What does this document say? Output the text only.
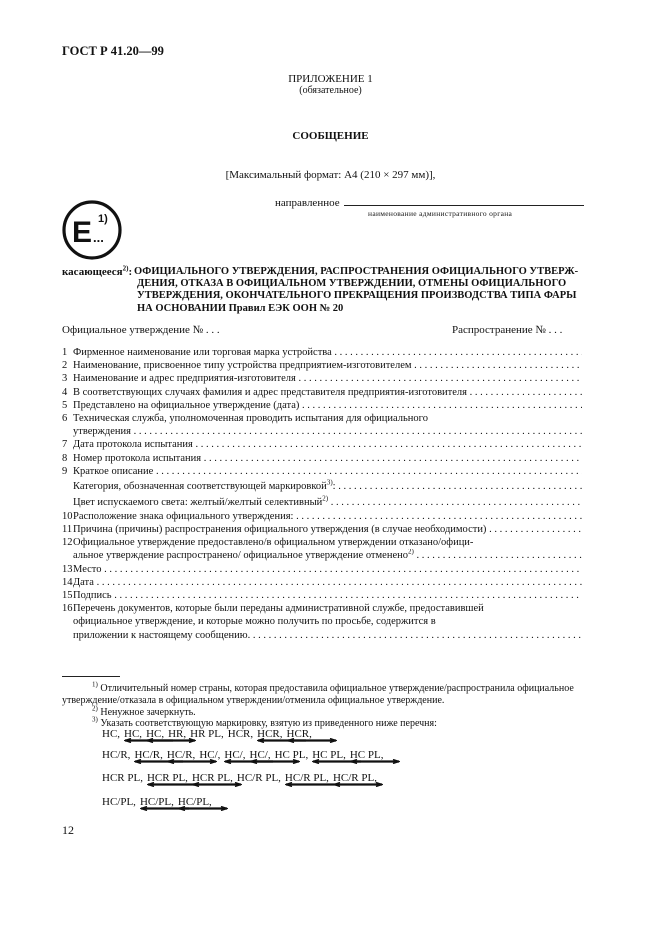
ГОСТ Р 41.20—99
ПРИЛОЖЕНИЕ 1
(обязательное)
СООБЩЕНИЕ
[Максимальный формат: А4 (210 × 297 мм)],
направленное
наименование административного органа
E ...
1)
касающееся$^{2)}$: ОФИЦИАЛЬНОГО УТВЕРЖДЕНИЯ, РАСПРОСТРАНЕНИЯ ОФИЦИАЛЬНОГО УТВЕРЖ-
ДЕНИЯ, ОТКАЗА В ОФИЦИАЛЬНОМ УТВЕРЖДЕНИИ, ОТМЕНЫ ОФИЦИАЛЬНОГО
УТВЕРЖДЕНИЯ, ОКОНЧАТЕЛЬНОГО ПРЕКРАЩЕНИЯ ПРОИЗВОДСТВА ТИПА ФАРЫ
НА ОСНОВАНИИ Правил ЕЭК ООН № 20
Официальное утверждение № . . .	Распространение № . . .
1 Фирменное наименование или торговая марка устройства . . .
2 Наименование, присвоенное типу устройства предприятием-изготовителем . . .
3 Наименование и адрес предприятия-изготовителя . . .
4 В соответствующих случаях фамилия и адрес представителя предприятия-изготовителя . . .
5 Представлено на официальное утверждение (дата) . . .
6 Техническая служба, уполномоченная проводить испытания для официального
утверждения . . .
7 Дата протокола испытания . . .
8 Номер протокола испытания . . .
9 Краткое описание . . .
Категория, обозначенная соответствующей маркировкой$^{3)}$: . . .
Цвет испускаемого света: желтый/желтый селективный$^{2)}$ . . .
10 Расположение знака официального утверждения: . . .
11 Причина (причины) распространения официального утверждения (в случае необходимости) . . .
12 Официальное утверждение предоставлено/в официальном утверждении отказано/офици-
альное утверждение распространено/ официальное утверждение отменено$^{2)}$ . . .
13 Место . . .
14 Дата . . .
15 Подпись . . .
16 Перечень документов, которые были переданы административной службе, предоставившей
официальное утверждение, и которые можно получить по просьбе, содержится в
приложении к настоящему сообщению. . . .
$^{1)}$ Отличительный номер страны, которая предоставила официальное утверждение/распространила официальное утверждение/отказала в официальном утверждении/отменила официальное утверждение.
$^{2)}$ Ненужное зачеркнуть.
$^{3)}$ Указать соответствующую маркировку, взятую из приведенного ниже перечня:
HC, HC, HC, HR, HR PL, HCR, HCR, HCR,
HC/R, HC/R, HC/R, HC/, HC/, HC/, HC PL, HC PL, HC PL,
HCR PL, HCR PL, HCR PL, HC/R PL, HC/R PL, HC/R PL,
HC/PL, HC/PL, HC/PL,
12
